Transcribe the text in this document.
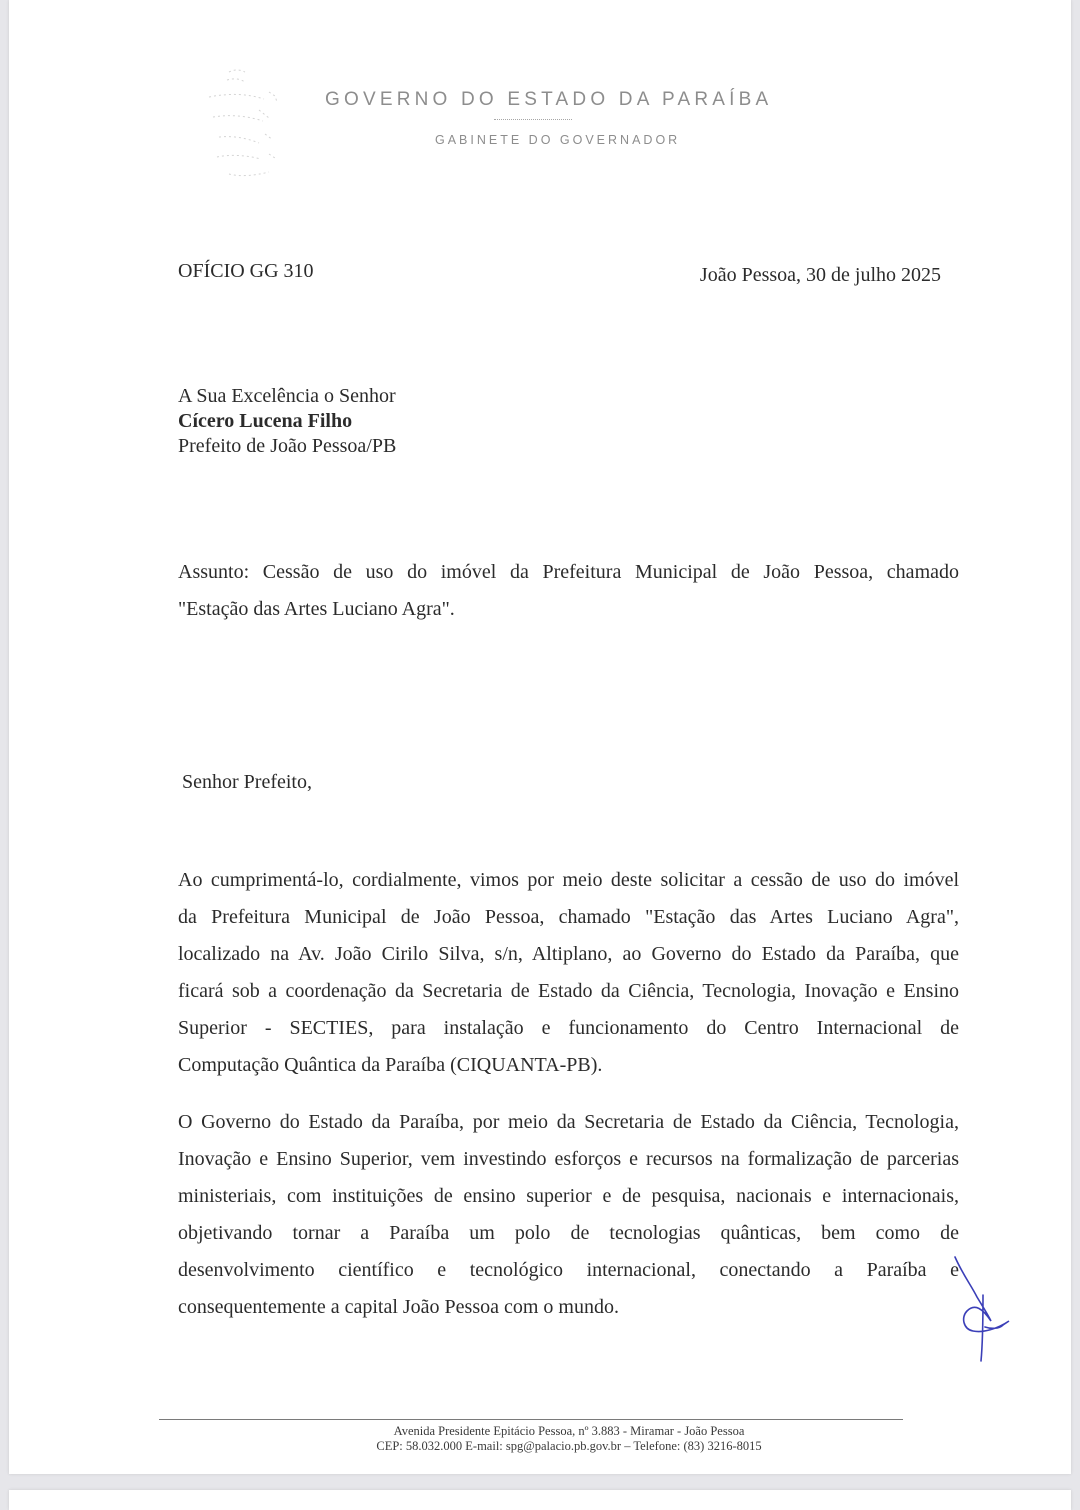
GOVERNO DO ESTADO DA PARAÍBA
GABINETE DO GOVERNADOR
OFÍCIO GG 310	João Pessoa, 30 de julho 2025
A Sua Excelência o Senhor
Cícero Lucena Filho
Prefeito de João Pessoa/PB
Assunto: Cessão de uso do imóvel da Prefeitura Municipal de João Pessoa, chamado
"Estação das Artes Luciano Agra".
Senhor Prefeito,
Ao cumprimentá-lo, cordialmente, vimos por meio deste solicitar a cessão de uso do imóvel
da Prefeitura Municipal de João Pessoa, chamado "Estação das Artes Luciano Agra",
localizado na Av. João Cirilo Silva, s/n, Altiplano, ao Governo do Estado da Paraíba, que
ficará sob a coordenação da Secretaria de Estado da Ciência, Tecnologia, Inovação e Ensino
Superior - SECTIES, para instalação e funcionamento do Centro Internacional de
Computação Quântica da Paraíba (CIQUANTA-PB).
O Governo do Estado da Paraíba, por meio da Secretaria de Estado da Ciência, Tecnologia,
Inovação e Ensino Superior, vem investindo esforços e recursos na formalização de parcerias
ministeriais, com instituições de ensino superior e de pesquisa, nacionais e internacionais,
objetivando tornar a Paraíba um polo de tecnologias quânticas, bem como de
desenvolvimento científico e tecnológico internacional, conectando a Paraíba e
consequentemente a capital João Pessoa com o mundo.
Avenida Presidente Epitácio Pessoa, nº 3.883 - Miramar - João Pessoa
CEP: 58.032.000 E-mail: spg@palacio.pb.gov.br – Telefone: (83) 3216-8015
